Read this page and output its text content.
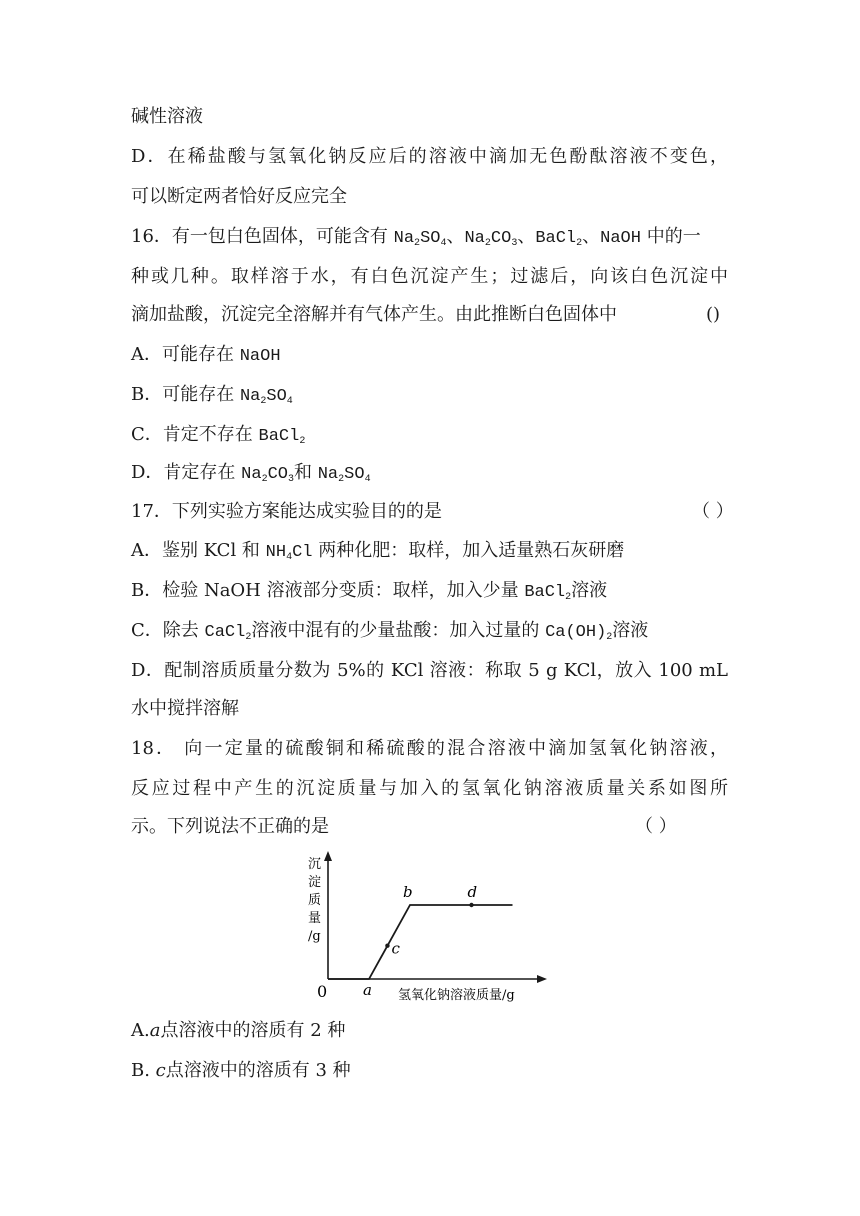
碱性溶液
D．在稀盐酸与氢氧化钠反应后的溶液中滴加无色酚酞溶液不变色，
可以断定两者恰好反应完全
16．有一包白色固体，可能含有 $Na_2SO_4$、$Na_2CO_3$、BaCl$_2$、NaOH 中的一
种或几种。取样溶于水，有白色沉淀产生；过滤后，向该白色沉淀中
滴加盐酸，沉淀完全溶解并有气体产生。由此推断白色固体中	()
A．可能存在 NaOH
B．可能存在 $Na_2SO_4$
C．肯定不存在 BaCl$_2$
D．肯定存在 $Na_2CO_3$和 $Na_2SO_4$
17．下列实验方案能达成实验目的的是	（ ）
A．鉴别 KCl 和 $NH_4Cl$ 两种化肥：取样，加入适量熟石灰研磨
B．检验 NaOH 溶液部分变质：取样，加入少量 BaCl$_2$溶液
C．除去 CaCl$_2$溶液中混有的少量盐酸：加入过量的 $Ca(OH)_2$溶液
D．配制溶质质量分数为 5%的 KCl 溶液：称取 5 g KCl，放入 100 mL
水中搅拌溶解
18． 向一定量的硫酸铜和稀硫酸的混合溶液中滴加氢氧化钠溶液，
反应过程中产生的沉淀质量与加入的氢氧化钠溶液质量关系如图所
示。下列说法不正确的是	（ ）
沉
淀
质
量
/g
a
b
c
d
氢氧化钠溶液质量/g
0
A.a点溶液中的溶质有 2 种
B. c点溶液中的溶质有 3 种
